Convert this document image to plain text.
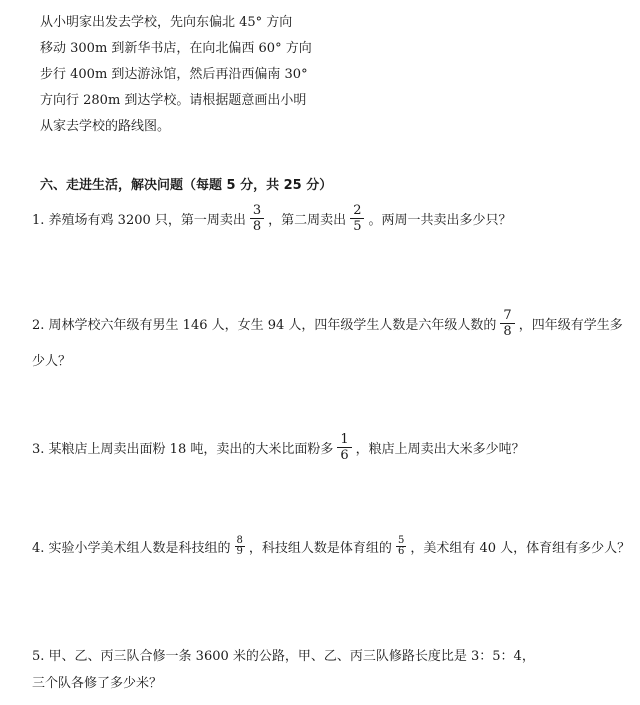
从小明家出发去学校，先向东偏北 45° 方向
移动 300m 到新华书店，在向北偏西 60° 方向
步行 400m 到达游泳馆，然后再沿西偏南 30°
方向行 280m 到达学校。请根据题意画出小明
从家去学校的路线图。
六、走进生活，解决问题（每题 5 分，共 25 分）
1. 养殖场有鸡 3200 只，第一周卖出 $\frac{3}{8}$ ，第二周卖出 $\frac{2}{5}$ 。两周一共卖出多少只？
2. 周林学校六年级有男生 146 人，女生 94 人，四年级学生人数是六年级人数的 $\frac{7}{8}$ ，四年级有学生多
少人？
3. 某粮店上周卖出面粉 18 吨，卖出的大米比面粉多 $\frac{1}{6}$ ，粮店上周卖出大米多少吨？
4. 实验小学美术组人数是科技组的 $\frac{8}{9}$ ，科技组人数是体育组的 $\frac{5}{6}$ ，美术组有 40 人，体育组有多少人？
5. 甲、乙、丙三队合修一条 3600 米的公路，甲、乙、丙三队修路长度比是 3：5：4，
三个队各修了多少米？
